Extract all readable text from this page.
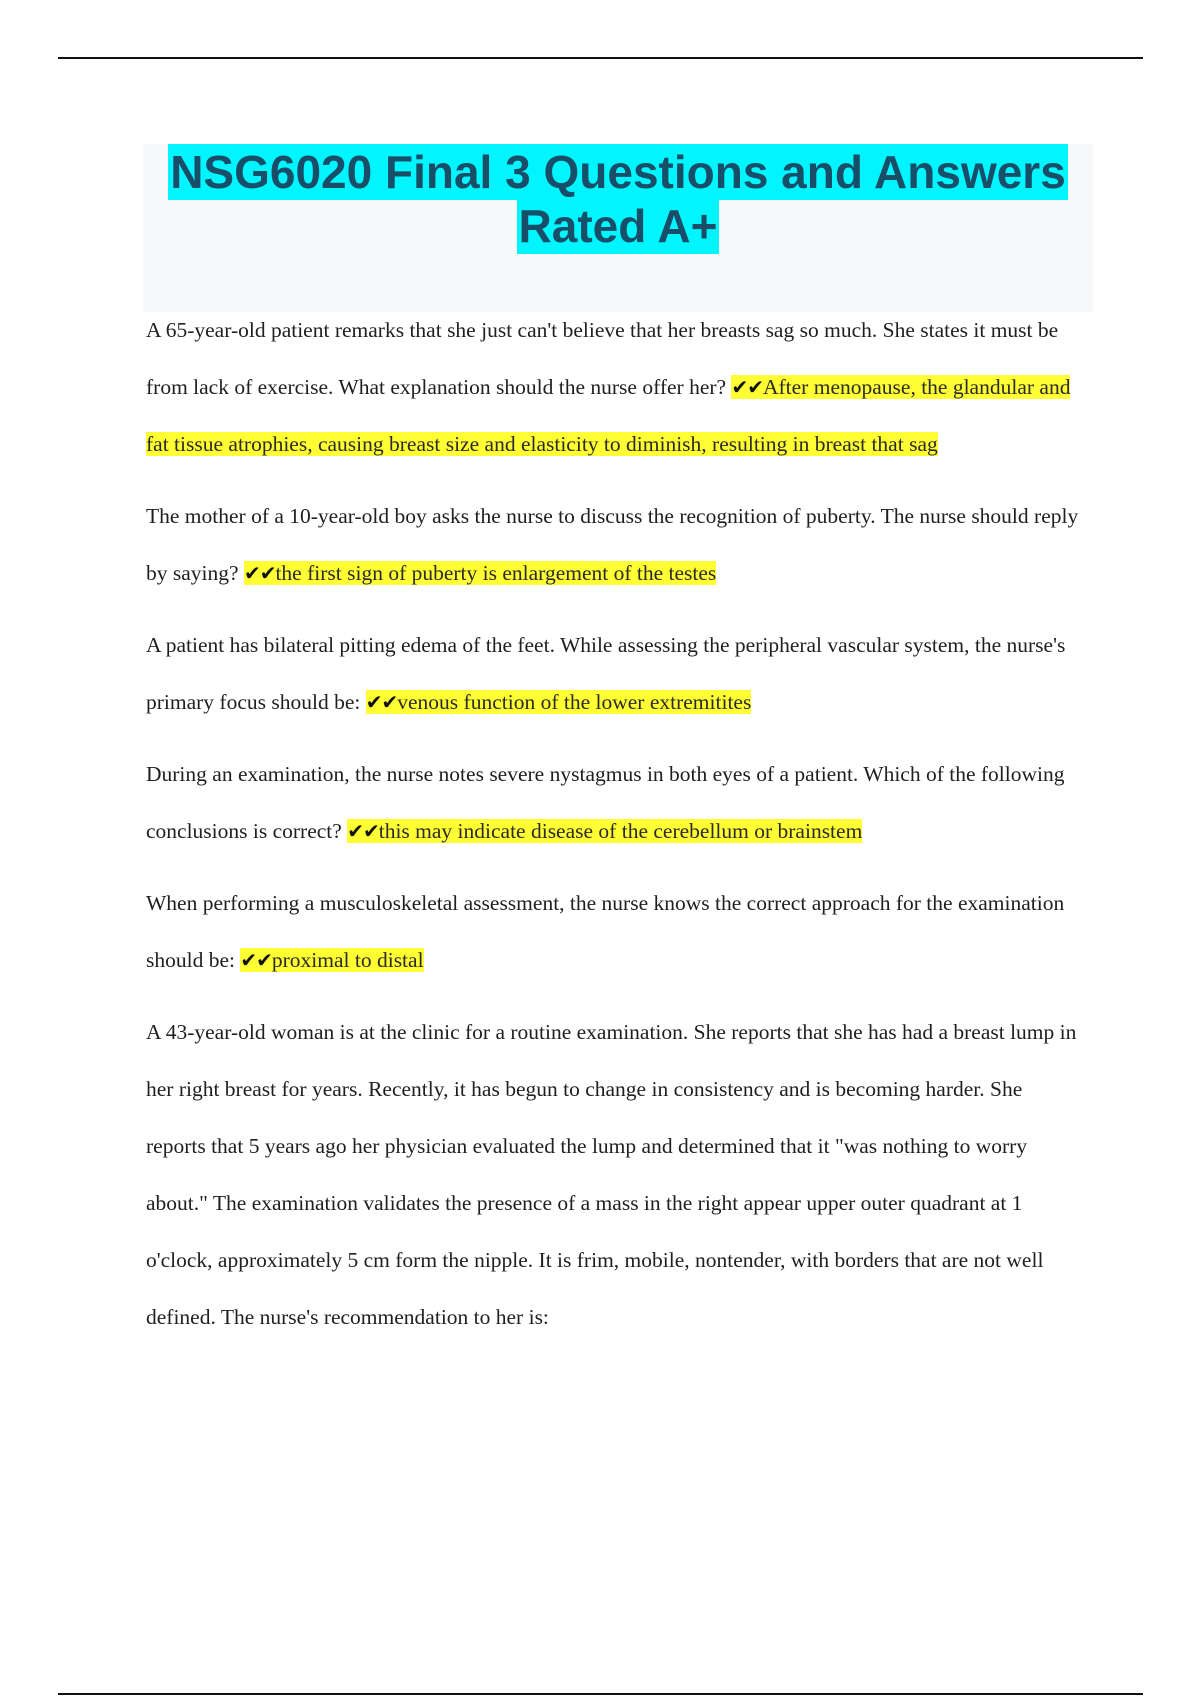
NSG6020 Final 3 Questions and Answers
Rated A+

A 65-year-old patient remarks that she just can't believe that her breasts sag so much. She states it must be from lack of exercise. What explanation should the nurse offer her? ✔✔After menopause, the glandular and fat tissue atrophies, causing breast size and elasticity to diminish, resulting in breast that sag

The mother of a 10-year-old boy asks the nurse to discuss the recognition of puberty. The nurse should reply by saying? ✔✔the first sign of puberty is enlargement of the testes

A patient has bilateral pitting edema of the feet. While assessing the peripheral vascular system, the nurse's primary focus should be: ✔✔venous function of the lower extremitites

During an examination, the nurse notes severe nystagmus in both eyes of a patient. Which of the following conclusions is correct? ✔✔this may indicate disease of the cerebellum or brainstem

When performing a musculoskeletal assessment, the nurse knows the correct approach for the examination should be: ✔✔proximal to distal

A 43-year-old woman is at the clinic for a routine examination. She reports that she has had a breast lump in her right breast for years. Recently, it has begun to change in consistency and is becoming harder. She reports that 5 years ago her physician evaluated the lump and determined that it "was nothing to worry about." The examination validates the presence of a mass in the right appear upper outer quadrant at 1 o'clock, approximately 5 cm form the nipple. It is frim, mobile, nontender, with borders that are not well defined. The nurse's recommendation to her is:
